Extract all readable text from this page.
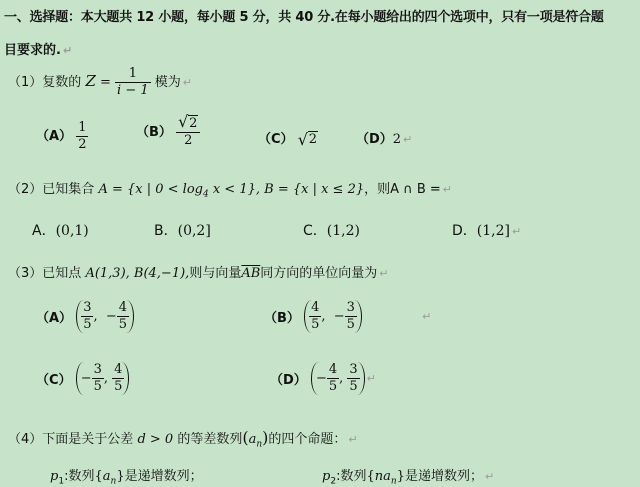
一、选择题：本大题共 12 小题，每小题 5 分，共 40 分.在每小题给出的四个选项中，只有一项是符合题
目要求的. ↵
（1）复数的 $Z = \frac{1}{i - 1}$ 模为 ↵
$(A) \frac{1}{2}$	$(B) \frac{√ 2}{2}$	（C） √ 2	（D）2 ↵
（2）已知集合 A = {x | $0 < \log_4 x < 1$}, B = {x | x ≤ 2}，则A ∩ B = ↵
A．(0,1)	B．(0,2]	C．(1,2)	D．(1,2] ↵
（3）已知点 A(1,3), B(4,−1),则与向量$\overline{AB}$同方向的单位向量为 ↵
$(A) \frac{3}{5}$ ,  − $\frac{4}{5}$	$(B) \frac{4}{5}$ ,  − $\frac{3}{5}$	↵
$(C) - \frac{3}{5}$ , $\frac{4}{5}$	$(D) - \frac{4}{5}$ , $\frac{3}{5}$ ↵
（4）下面是关于公差 d > 0 的等差数列$(a_n)$的四个命题： ↵
$p_1$:数列$\{a_n\}$是递增数列；	$p_2$:数列$\{na_n\}$是递增数列； ↵
